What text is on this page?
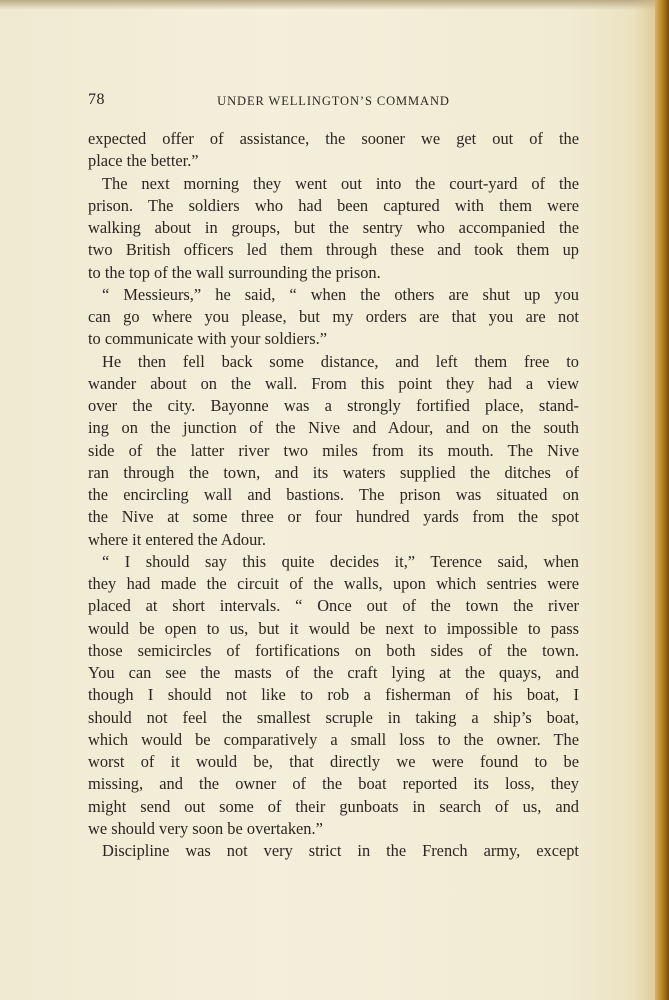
78	UNDER WELLINGTON’S COMMAND
expected offer of assistance, the sooner we get out of the
place the better.”
The next morning they went out into the court-yard of the
prison. The soldiers who had been captured with them were
walking about in groups, but the sentry who accompanied the
two British officers led them through these and took them up
to the top of the wall surrounding the prison.
“ Messieurs,” he said, “ when the others are shut up you
can go where you please, but my orders are that you are not
to communicate with your soldiers.”
He then fell back some distance, and left them free to
wander about on the wall. From this point they had a view
over the city. Bayonne was a strongly fortified place, stand-
ing on the junction of the Nive and Adour, and on the south
side of the latter river two miles from its mouth. The Nive
ran through the town, and its waters supplied the ditches of
the encircling wall and bastions. The prison was situated on
the Nive at some three or four hundred yards from the spot
where it entered the Adour.
“ I should say this quite decides it,” Terence said, when
they had made the circuit of the walls, upon which sentries were
placed at short intervals. “ Once out of the town the river
would be open to us, but it would be next to impossible to pass
those semicircles of fortifications on both sides of the town.
You can see the masts of the craft lying at the quays, and
though I should not like to rob a fisherman of his boat, I
should not feel the smallest scruple in taking a ship’s boat,
which would be comparatively a small loss to the owner. The
worst of it would be, that directly we were found to be
missing, and the owner of the boat reported its loss, they
might send out some of their gunboats in search of us, and
we should very soon be overtaken.”
Discipline was not very strict in the French army, except
